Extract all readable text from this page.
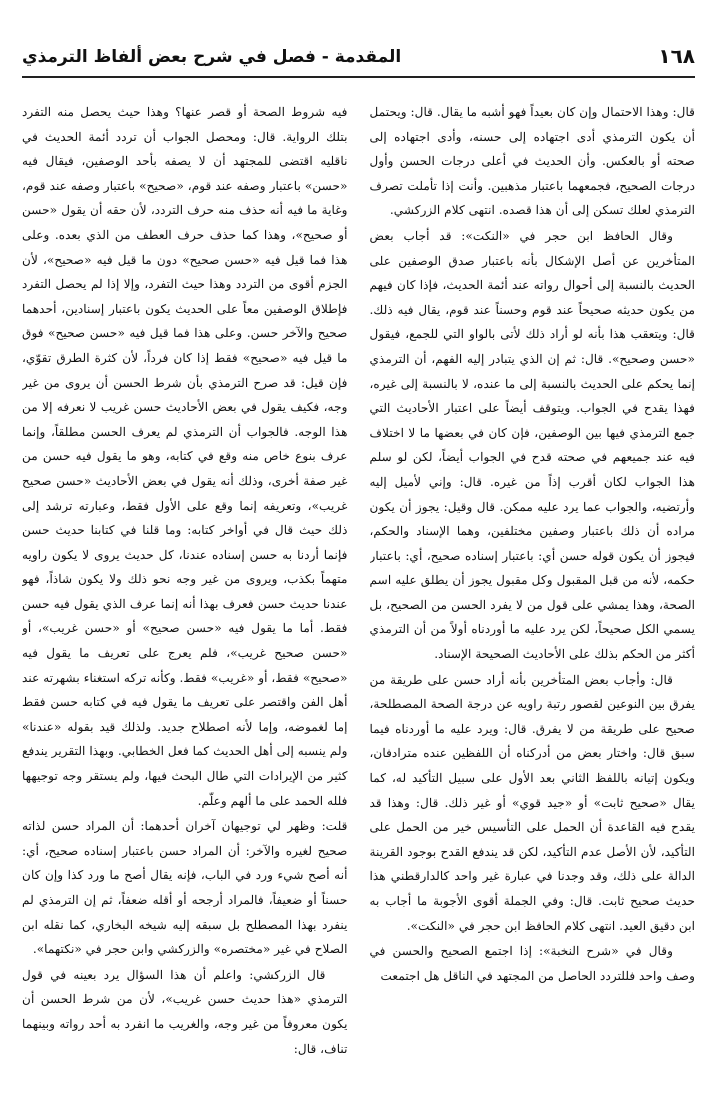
١٦٨
المقدمة - فصل في شرح بعض ألفاظ الترمذي

قال: وهذا الاحتمال وإن كان بعيداً فهو أشبه ما يقال. قال: ويحتمل أن يكون الترمذي أدى اجتهاده إلى حسنه، وأدى اجتهاده إلى صحته أو بالعكس. وأن الحديث في أعلى درجات الحسن وأول درجات الصحيح، فجمعهما باعتبار مذهبين. وأنت إذا تأملت تصرف الترمذي لعلك تسكن إلى أن هذا قصده. انتهى كلام الزركشي.

وقال الحافظ ابن حجر في «النكت»: قد أجاب بعض المتأخرين عن أصل الإشكال بأنه باعتبار صدق الوصفين على الحديث بالنسبة إلى أحوال رواته عند أئمة الحديث، فإذا كان فيهم من يكون حديثه صحيحاً عند قوم وحسناً عند قوم، يقال فيه ذلك. قال: ويتعقب هذا بأنه لو أراد ذلك لأتى بالواو التي للجمع، فيقول «حسن وصحيح». قال: ثم إن الذي يتبادر إليه الفهم، أن الترمذي إنما يحكم على الحديث بالنسبة إلى ما عنده، لا بالنسبة إلى غيره، فهذا يقدح في الجواب. ويتوقف أيضاً على اعتبار الأحاديث التي جمع الترمذي فيها بين الوصفين، فإن كان في بعضها ما لا اختلاف فيه عند جميعهم في صحته قدح في الجواب أيضاً، لكن لو سلم هذا الجواب لكان أقرب إذاً من غيره. قال: وإني لأميل إليه وأرتضيه، والجواب عما يرد عليه ممكن. قال وقيل: يجوز أن يكون مراده أن ذلك باعتبار وصفين مختلفين، وهما الإسناد والحكم، فيجوز أن يكون قوله حسن أي: باعتبار إسناده صحيح، أي: باعتبار حكمه، لأنه من قبل المقبول وكل مقبول يجوز أن يطلق عليه اسم الصحة، وهذا يمشي على قول من لا يفرد الحسن من الصحيح، بل يسمي الكل صحيحاً، لكن يرد عليه ما أوردناه أولاً من أن الترمذي أكثر من الحكم بذلك على الأحاديث الصحيحة الإسناد.

قال: وأجاب بعض المتأخرين بأنه أراد حسن على طريقة من يفرق بين النوعين لقصور رتبة راويه عن درجة الصحة المصطلحة، صحيح على طريقة من لا يفرق. قال: ويرد عليه ما أوردناه فيما سبق قال: واختار بعض من أدركناه أن اللفظين عنده مترادفان، ويكون إتيانه باللفظ الثاني بعد الأول على سبيل التأكيد له، كما يقال «صحيح ثابت» أو «جيد قوي» أو غير ذلك. قال: وهذا قد يقدح فيه القاعدة أن الحمل على التأسيس خير من الحمل على التأكيد، لأن الأصل عدم التأكيد، لكن قد يندفع القدح بوجود القرينة الدالة على ذلك، وقد وجدنا في عبارة غير واحد كالدارقطني هذا حديث صحيح ثابت. قال: وفي الجملة أقوى الأجوبة ما أجاب به ابن دقيق العيد. انتهى كلام الحافظ ابن حجر في «النكت».

وقال في «شرح النخبة»: إذا اجتمع الصحيح والحسن في وصف واحد فللتردد الحاصل من المجتهد في الناقل هل اجتمعت

فيه شروط الصحة أو قصر عنها؟ وهذا حيث يحصل منه التفرد بتلك الرواية. قال: ومحصل الجواب أن تردد أئمة الحديث في ناقليه اقتضى للمجتهد أن لا يصفه بأحد الوصفين، فيقال فيه «حسن» باعتبار وصفه عند قوم، «صحيح» باعتبار وصفه عند قوم، وغاية ما فيه أنه حذف منه حرف التردد، لأن حقه أن يقول «حسن أو صحيح»، وهذا كما حذف حرف العطف من الذي بعده. وعلى هذا فما قيل فيه «حسن صحيح» دون ما قيل فيه «صحيح»، لأن الجزم أقوى من التردد وهذا حيث التفرد، وإلا إذا لم يحصل التفرد فإطلاق الوصفين معاً على الحديث يكون باعتبار إسنادين، أحدهما صحيح والآخر حسن. وعلى هذا فما قيل فيه «حسن صحيح» فوق ما قيل فيه «صحيح» فقط إذا كان فرداً، لأن كثرة الطرق تقوّي، فإن قيل: قد صرح الترمذي بأن شرط الحسن أن يروى من غير وجه، فكيف يقول في بعض الأحاديث حسن غريب لا نعرفه إلا من هذا الوجه. فالجواب أن الترمذي لم يعرف الحسن مطلقاً، وإنما عرف بنوع خاص منه وقع في كتابه، وهو ما يقول فيه حسن من غير صفة أخرى، وذلك أنه يقول في بعض الأحاديث «حسن صحيح غريب»، وتعريفه إنما وقع على الأول فقط، وعبارته ترشد إلى ذلك حيث قال في أواخر كتابه: وما قلنا في كتابنا حديث حسن فإنما أردنا به حسن إسناده عندنا، كل حديث يروى لا يكون راويه متهماً بكذب، ويروى من غير وجه نحو ذلك ولا يكون شاذاً، فهو عندنا حديث حسن فعرف بهذا أنه إنما عرف الذي يقول فيه حسن فقط. أما ما يقول فيه «حسن صحيح» أو «حسن غريب»، أو «حسن صحيح غريب»، فلم يعرج على تعريف ما يقول فيه «صحيح» فقط، أو «غريب» فقط. وكأنه تركه استغناء بشهرته عند أهل الفن واقتصر على تعريف ما يقول فيه في كتابه حسن فقط إما لغموضه، وإما لأنه اصطلاح جديد. ولذلك قيد بقوله «عندنا» ولم ينسبه إلى أهل الحديث كما فعل الخطابي. وبهذا التقرير يندفع كثير من الإيرادات التي طال البحث فيها، ولم يستقر وجه توجيهها فلله الحمد على ما ألهم وعلّم.

قلت: وظهر لي توجيهان آخران أحدهما: أن المراد حسن لذاته صحيح لغيره والآخر: أن المراد حسن باعتبار إسناده صحيح، أي: أنه أصح شيء ورد في الباب، فإنه يقال أصح ما ورد كذا وإن كان حسناً أو ضعيفاً، فالمراد أرجحه أو أقله ضعفاً، ثم إن الترمذي لم ينفرد بهذا المصطلح بل سبقه إليه شيخه البخاري، كما نقله ابن الصلاح في غير «مختصره» والزركشي وابن حجر في «نكتهما».

قال الزركشي: واعلم أن هذا السؤال يرد بعينه في قول الترمذي «هذا حديث حسن غريب»، لأن من شرط الحسن أن يكون معروفاً من غير وجه، والغريب ما انفرد به أحد رواته وبينهما تناف، قال:
